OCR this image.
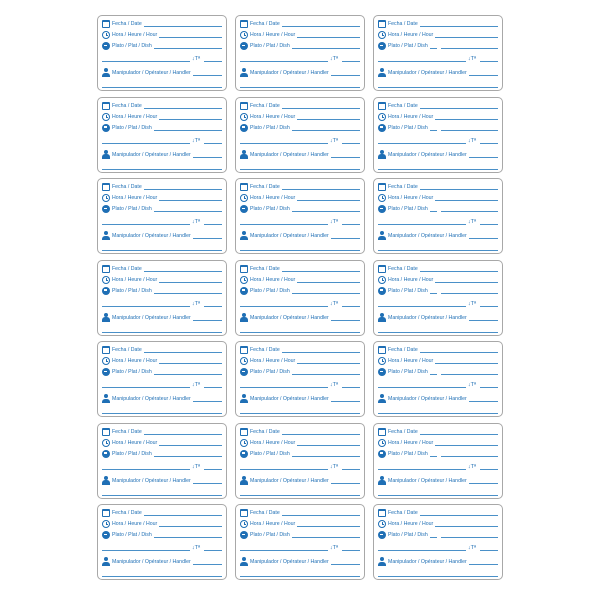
Fecha / Date
Hora / Heure / Hour
Plato / Plat / Dish
↓Tª
Manipulador / Opérateur / Handler
Fecha / Date
Hora / Heure / Hour
Plato / Plat / Dish
↓Tª
Manipulador / Opérateur / Handler
Fecha / Date
Hora / Heure / Hour
Plato / Plat / Dish
↓Tª
Manipulador / Opérateur / Handler
Fecha / Date
Hora / Heure / Hour
Plato / Plat / Dish
↓Tª
Manipulador / Opérateur / Handler
Fecha / Date
Hora / Heure / Hour
Plato / Plat / Dish
↓Tª
Manipulador / Opérateur / Handler
Fecha / Date
Hora / Heure / Hour
Plato / Plat / Dish
↓Tª
Manipulador / Opérateur / Handler
Fecha / Date
Hora / Heure / Hour
Plato / Plat / Dish
↓Tª
Manipulador / Opérateur / Handler
Fecha / Date
Hora / Heure / Hour
Plato / Plat / Dish
↓Tª
Manipulador / Opérateur / Handler
Fecha / Date
Hora / Heure / Hour
Plato / Plat / Dish
↓Tª
Manipulador / Opérateur / Handler
Fecha / Date
Hora / Heure / Hour
Plato / Plat / Dish
↓Tª
Manipulador / Opérateur / Handler
Fecha / Date
Hora / Heure / Hour
Plato / Plat / Dish
↓Tª
Manipulador / Opérateur / Handler
Fecha / Date
Hora / Heure / Hour
Plato / Plat / Dish
↓Tª
Manipulador / Opérateur / Handler
Fecha / Date
Hora / Heure / Hour
Plato / Plat / Dish
↓Tª
Manipulador / Opérateur / Handler
Fecha / Date
Hora / Heure / Hour
Plato / Plat / Dish
↓Tª
Manipulador / Opérateur / Handler
Fecha / Date
Hora / Heure / Hour
Plato / Plat / Dish
↓Tª
Manipulador / Opérateur / Handler
Fecha / Date
Hora / Heure / Hour
Plato / Plat / Dish
↓Tª
Manipulador / Opérateur / Handler
Fecha / Date
Hora / Heure / Hour
Plato / Plat / Dish
↓Tª
Manipulador / Opérateur / Handler
Fecha / Date
Hora / Heure / Hour
Plato / Plat / Dish
↓Tª
Manipulador / Opérateur / Handler
Fecha / Date
Hora / Heure / Hour
Plato / Plat / Dish
↓Tª
Manipulador / Opérateur / Handler
Fecha / Date
Hora / Heure / Hour
Plato / Plat / Dish
↓Tª
Manipulador / Opérateur / Handler
Fecha / Date
Hora / Heure / Hour
Plato / Plat / Dish
↓Tª
Manipulador / Opérateur / Handler
